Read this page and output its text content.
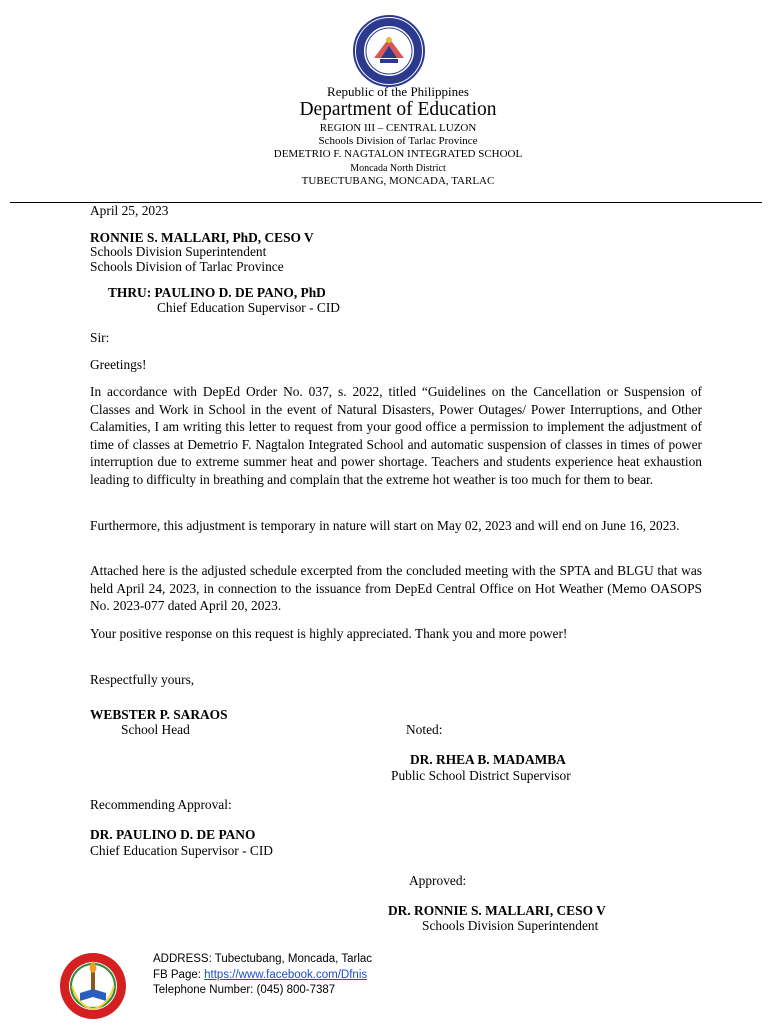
Republic of the Philippines
Department of Education
REGION III – CENTRAL LUZON
Schools Division of Tarlac Province
DEMETRIO F. NAGTALON INTEGRATED SCHOOL
Moncada North District
TUBECTUBANG, MONCADA, TARLAC
April 25, 2023
RONNIE S. MALLARI, PhD, CESO V
Schools Division Superintendent
Schools Division of Tarlac Province
THRU: PAULINO D. DE PANO, PhD
Chief Education Supervisor - CID
Sir:
Greetings!
In accordance with DepEd Order No. 037, s. 2022, titled “Guidelines on the Cancellation or Suspension of Classes and Work in School in the event of Natural Disasters, Power Outages/ Power Interruptions, and Other Calamities, I am writing this letter to request from your good office a permission to implement the adjustment of time of classes at Demetrio F. Nagtalon Integrated School and automatic suspension of classes in times of power interruption due to extreme summer heat and power shortage. Teachers and students experience heat exhaustion leading to difficulty in breathing and complain that the extreme hot weather is too much for them to bear.
Furthermore, this adjustment is temporary in nature will start on May 02, 2023 and will end on June 16, 2023.
Attached here is the adjusted schedule excerpted from the concluded meeting with the SPTA and BLGU that was held April 24, 2023, in connection to the issuance from DepEd Central Office on Hot Weather (Memo OASOPS No. 2023-077 dated April 20, 2023.
Your positive response on this request is highly appreciated. Thank you and more power!
Respectfully yours,
WEBSTER P. SARAOS
School Head	Noted:
DR. RHEA B. MADAMBA
Public School District Supervisor
Recommending Approval:
DR. PAULINO D. DE PANO
Chief Education Supervisor - CID
Approved:
DR. RONNIE S. MALLARI, CESO V
Schools Division Superintendent
ADDRESS: Tubectubang, Moncada, Tarlac
FB Page: https://www.facebook.com/Dfnis
Telephone Number: (045) 800-7387
